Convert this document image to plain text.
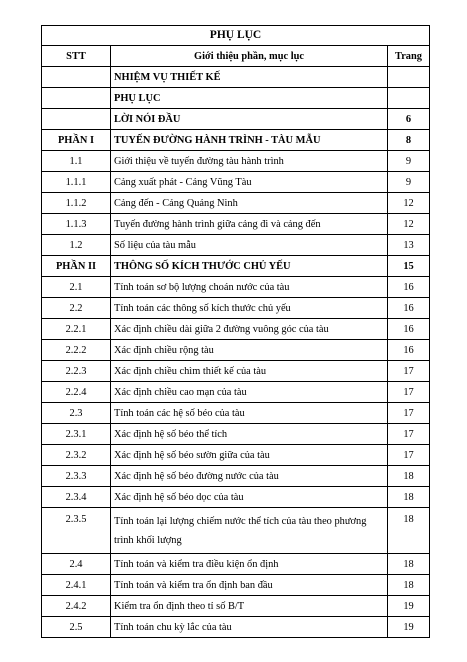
PHỤ LỤC		
STT	Giới thiệu phần, mục lục	Trang
	NHIỆM VỤ THIẾT KẾ	
	PHỤ LỤC	
	LỜI NÓI ĐẦU	6
PHẦN I	TUYẾN ĐƯỜNG HÀNH TRÌNH - TÀU MẪU	8
1.1	Giới thiệu về tuyến đường tàu hành trình	9
1.1.1	Cảng xuất phát - Cảng Vũng Tàu	9
1.1.2	Cảng đến - Cảng Quảng Ninh	12
1.1.3	Tuyến đường hành trình giữa cảng đi và cảng đến	12
1.2	Số liệu của tàu mẫu	13
PHẦN II	THÔNG SỐ KÍCH THƯỚC CHỦ YẾU	15
2.1	Tính toán sơ bộ lượng choán nước của tàu	16
2.2	Tính toán các thông số kích thước chủ yếu	16
2.2.1	Xác định chiều dài giữa 2 đường vuông góc của tàu	16
2.2.2	Xác định chiều rộng tàu	16
2.2.3	Xác định chiều chìm thiết kế của tàu	17
2.2.4	Xác định chiều cao mạn của tàu	17
2.3	Tính toán các hệ số béo của tàu	17
2.3.1	Xác định hệ số béo thể tích	17
2.3.2	Xác định hệ số béo sườn giữa của tàu	17
2.3.3	Xác định hệ số béo đường nước của tàu	18
2.3.4	Xác định hệ số béo dọc của tàu	18
2.3.5	Tính toán lại lượng chiếm nước thể tích của tàu theo phương trình khối lượng	18
2.4	Tính toán và kiểm tra điều kiện ổn định	18
2.4.1	Tính toán và kiểm tra ổn định ban đầu	18
2.4.2	Kiểm tra ổn định theo tỉ số B/T	19
2.5	Tính toán chu kỳ lắc của tàu	19
